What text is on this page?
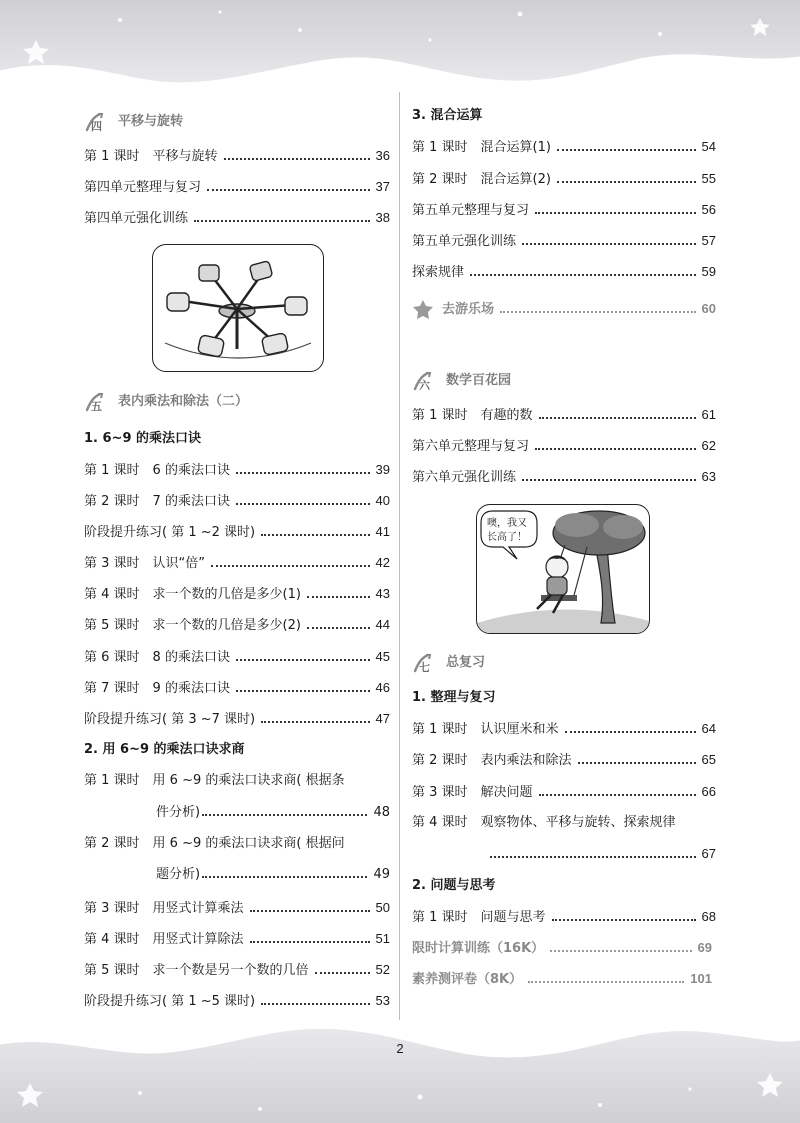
四 平移与旋转
第 1 课时　平移与旋转	36
第四单元整理与复习	37
第四单元强化训练	38
五 表内乘法和除法（二）
1. 6~9 的乘法口诀
第 1 课时　6 的乘法口诀	39
第 2 课时　7 的乘法口诀	40
阶段提升练习( 第 1 ~2 课时)	41
第 3 课时　认识“倍”	42
第 4 课时　求一个数的几倍是多少(1)	43
第 5 课时　求一个数的几倍是多少(2)	44
第 6 课时　8 的乘法口诀	45
第 7 课时　9 的乘法口诀	46
阶段提升练习( 第 3 ~7 课时)	47
2. 用 6~9 的乘法口诀求商
第 1 课时　用 6 ~9 的乘法口诀求商( 根据条
件分析)	48
第 2 课时　用 6 ~9 的乘法口诀求商( 根据问
题分析)	49
第 3 课时　用竖式计算乘法	50
第 4 课时　用竖式计算除法	51
第 5 课时　求一个数是另一个数的几倍	52
阶段提升练习( 第 1 ~5 课时)	53
3. 混合运算
第 1 课时　混合运算(1)	54
第 2 课时　混合运算(2)	55
第五单元整理与复习	56
第五单元强化训练	57
探索规律	59
去游乐场	60
六 数学百花园
第 1 课时　有趣的数	61
第六单元整理与复习	62
第六单元强化训练	63
噢，我又长高了！
七 总复习
1. 整理与复习
第 1 课时　认识厘米和米	64
第 2 课时　表内乘法和除法	65
第 3 课时　解决问题	66
第 4 课时　观察物体、平移与旋转、探索规律
67
2. 问题与思考
第 1 课时　问题与思考	68
限时计算训练（16K）	69
素养测评卷（8K）	101
2
